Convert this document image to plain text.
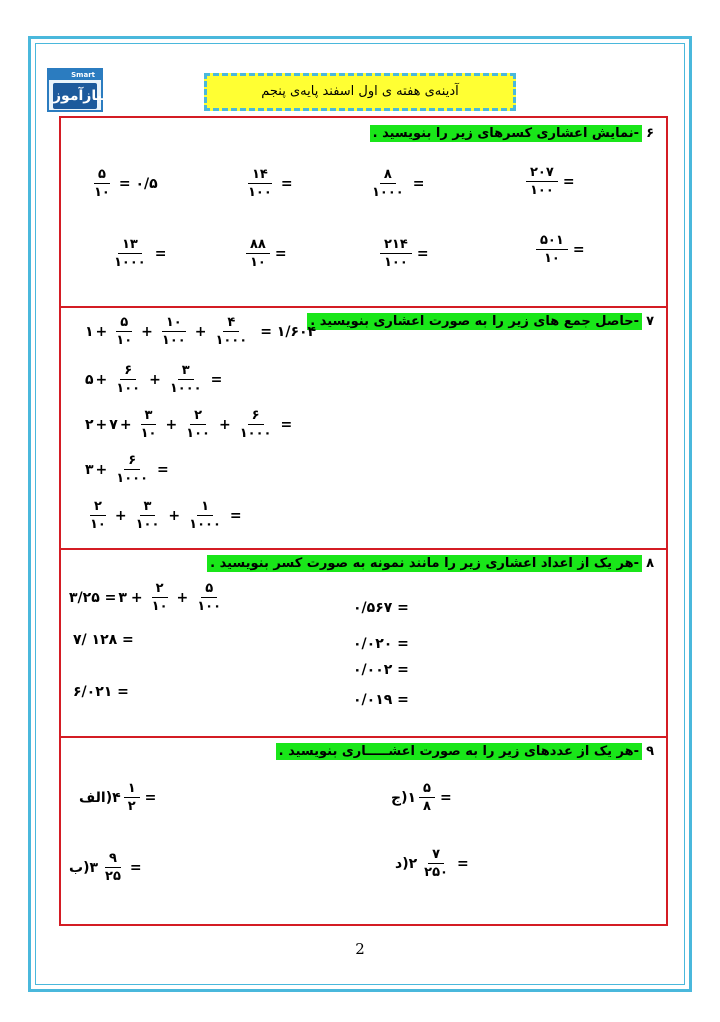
Smart
نیازآموز	آدینه‌ی هفته ی اول اسفند پایه‌ی پنجم
۶-نمایش اعشاری کسرهای زیر را بنویسید .
۵
۱۰
= ۰/۵
۱۴
۱۰۰
=
۸
۱۰۰۰
=
۲۰۷
۱۰۰
=
۱۳
۱۰۰۰
=
۸۸
۱۰
=
۲۱۴
۱۰۰
=
۵۰۱
۱۰
=
۷-حاصل جمع های زیر را به صورت اعشاری بنویسید .
۱ +
۵
۱۰
+
۱۰
۱۰۰
+
۴
۱۰۰۰
= ۱/۶۰۴
۵ +
۶
۱۰۰
+
۳
۱۰۰۰
=
۲ + ۷ +
۳
۱۰
+
۲
۱۰۰
+
۶
۱۰۰۰
=
۳ +
۶
۱۰۰۰
=
۲
۱۰
+
۳
۱۰۰
+
۱
۱۰۰۰
=
۸-هر یک از اعداد اعشاری زیر را مانند نمونه به صورت کسر بنویسید .
۳/۲۵ = ۳ +
۲
۱۰
+
۵
۱۰۰
۷/ ۱۲۸ =
۶/۰۲۱ =
۰/۵۶۷ =
۰/۰۲۰ =
۰/۰۰۲ =
۰/۰۱۹ =
۹-هر یک از عددهای زیر را به صورت اعشـــــاری بنویسید .
الف) ۴
۱
۲
=
ب) ۳
۹
۲۵
=
ج) ۱
۵
۸
=
د) ۲
۷
۲۵۰
=
2
